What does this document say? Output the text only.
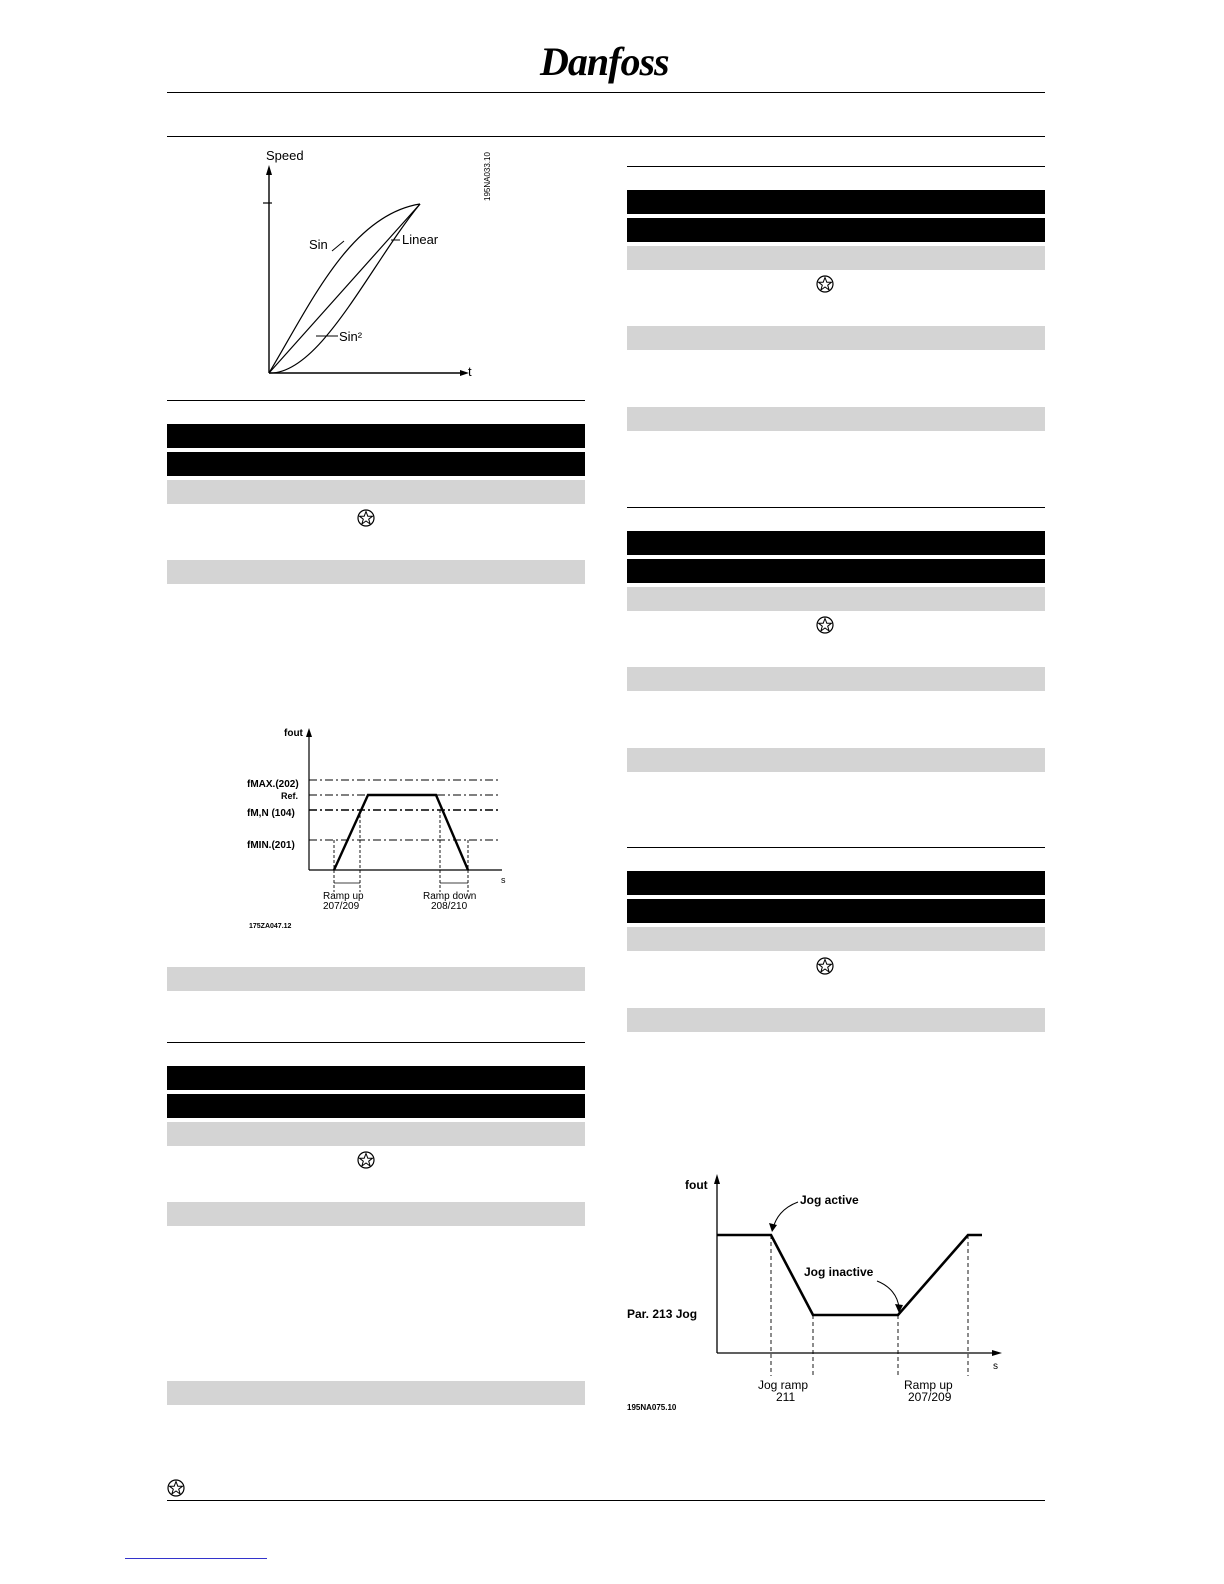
Danfoss
Speed
t
195NA033.10
Sin	Linear
Sin²
fout
s
fMAX.(202)
Ref.
fM,N (104)
fMIN.(201)
Ramp up
207/209
Ramp down
208/210
175ZA047.12
fout
s
Jog active
Jog inactive
Par. 213 Jog
Jog ramp
211
Ramp up
207/209
195NA075.10
